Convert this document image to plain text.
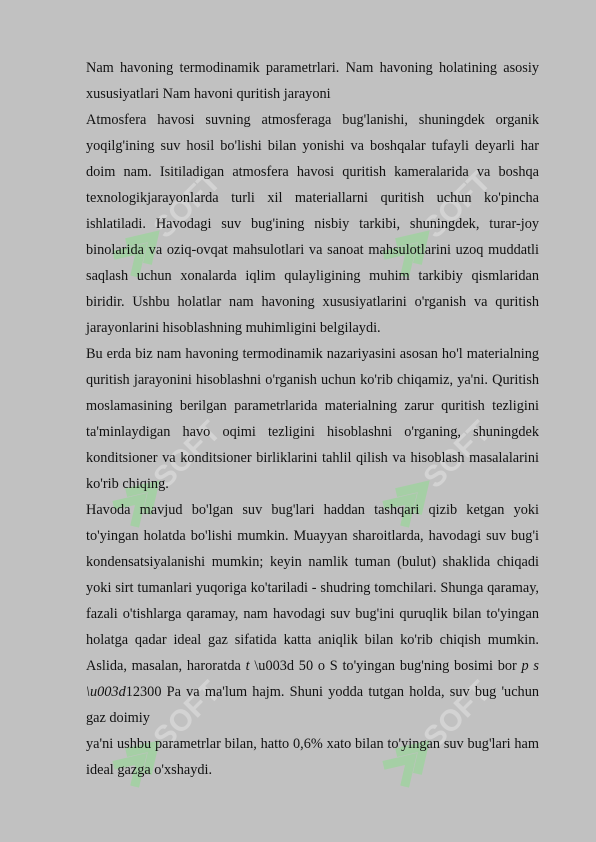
SOFT	SOFT
SOFT	SOFT
SOFT	SOFT

Nam havoning termodinamik parametrlari. Nam havoning holatining asosiy xususiyatlari Nam havoni quritish jarayoni

Atmosfera havosi suvning atmosferaga bug'lanishi, shuningdek organik yoqilg'ining suv hosil bo'lishi bilan yonishi va boshqalar tufayli deyarli har doim nam. Isitiladigan atmosfera havosi quritish kameralarida va boshqa texnologikjarayonlarda turli xil materiallarni quritish uchun ko'pincha ishlatiladi. Havodagi suv bug'ining nisbiy tarkibi, shuningdek, turar-joy binolarida va oziq-ovqat mahsulotlari va sanoat mahsulotlarini uzoq muddatli saqlash uchun xonalarda iqlim qulayligining muhim tarkibiy qismlaridan biridir. Ushbu holatlar nam havoning xususiyatlarini o'rganish va quritish jarayonlarini hisoblashning muhimligini belgilaydi.

Bu erda biz nam havoning termodinamik nazariyasini asosan ho'l materialning quritish jarayonini hisoblashni o'rganish uchun ko'rib chiqamiz, ya'ni. Quritish moslamasining berilgan parametrlarida materialning zarur quritish tezligini ta'minlaydigan havo oqimi tezligini hisoblashni o'rganing, shuningdek konditsioner va konditsioner birliklarini tahlil qilish va hisoblash masalalarini ko'rib chiqing.

Havoda mavjud bo'lgan suv bug'lari haddan tashqari qizib ketgan yoki to'yingan holatda bo'lishi mumkin. Muayyan sharoitlarda, havodagi suv bug'i kondensatsiyalanishi mumkin; keyin namlik tuman (bulut) shaklida chiqadi yoki sirt tumanlari yuqoriga ko'tariladi - shudring tomchilari. Shunga qaramay, fazali o'tishlarga qaramay, nam havodagi suv bug'ini quruqlik bilan to'yingan holatga qadar ideal gaz sifatida katta aniqlik bilan ko'rib chiqish mumkin. Aslida, masalan, haroratda t \u003d 50 o S to'yingan bug'ning bosimi bor p s \u003d12300 Pa va ma'lum hajm. Shuni yodda tutgan holda, suv bug 'uchun gaz doimiy

ya'ni ushbu parametrlar bilan, hatto 0,6% xato bilan to'yingan suv bug'lari ham ideal gazga o'xshaydi.
